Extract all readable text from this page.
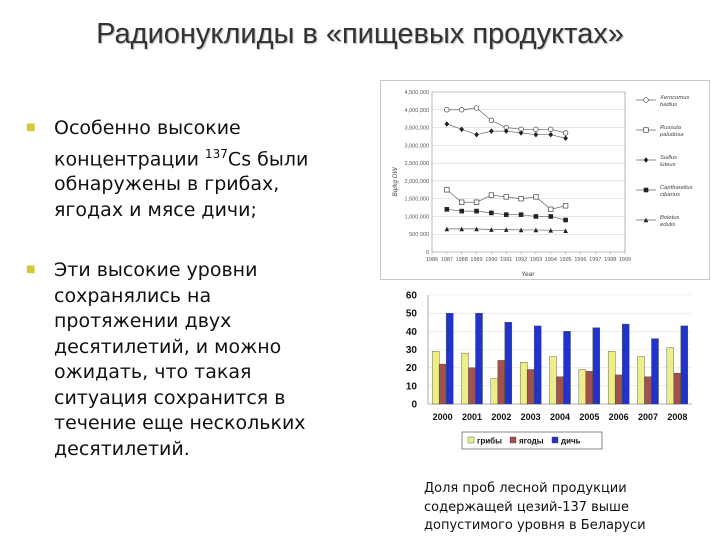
Радионуклиды в «пищевых продуктах»
■ Особенно высокие
концентрации $^{137}$Cs были
обнаружены в грибах,
ягодах и мясе дичи;
■ Эти высокие уровни
сохранялись на
протяжении двух
десятилетий, и можно
ожидать, что такая
ситуация сохранится в
течение еще нескольких
десятилетий.
0
500 000
1,000,000
1,500,000
2,000,000
2,500,000
3,000,000
3,500,000
4,000,000
4,500,000
1986 1987 1988 1989 1990 1991 1992 1993 1994 1995 1996 1997 1998 1999
Xerocomus
badius
Russula
paludosa
Suillus
luteus
Cantharellus
cibarius
Boletus
edulis
Bq/kg DW
Year
0
10
20
30
40
50
60
2000 2001 2002 2003 2004 2005 2006 2007 2008
грибы ягоды дичь
Доля проб лесной продукции
содержащей цезий-137 выше
допустимого уровня в Беларуси
